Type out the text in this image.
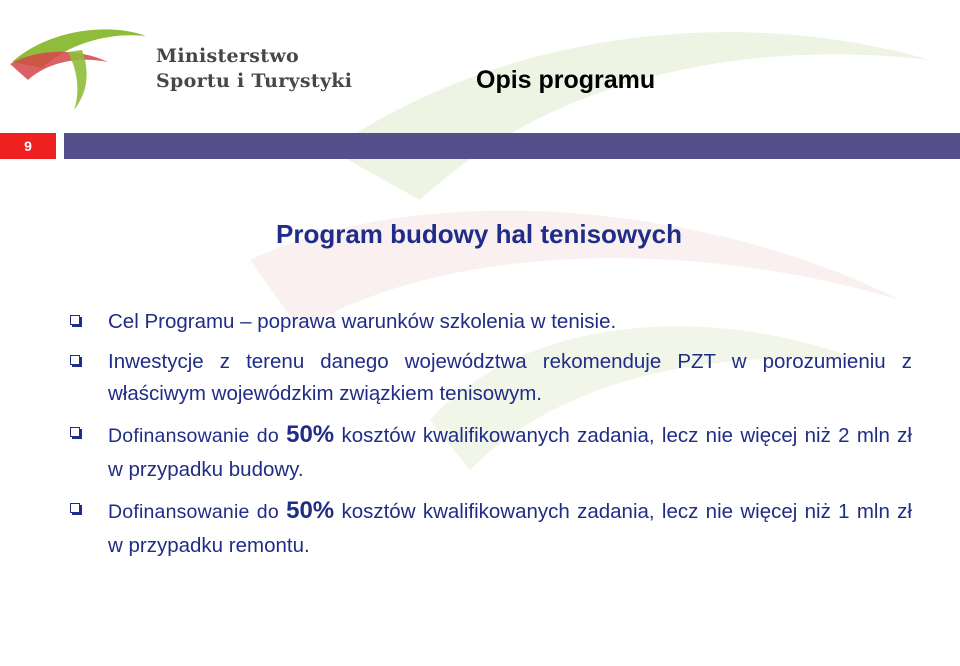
Ministerstwo
Sportu i Turystyki	Opis programu
9
Program budowy hal tenisowych
Cel Programu – poprawa warunków szkolenia w tenisie.
Inwestycje z terenu danego województwa rekomenduje PZT w porozumieniu z właściwym wojewódzkim związkiem tenisowym.
Dofinansowanie do 50% kosztów kwalifikowanych zadania, lecz nie więcej niż 2 mln zł w przypadku budowy.
Dofinansowanie do 50% kosztów kwalifikowanych zadania, lecz nie więcej niż 1 mln zł w przypadku remontu.
